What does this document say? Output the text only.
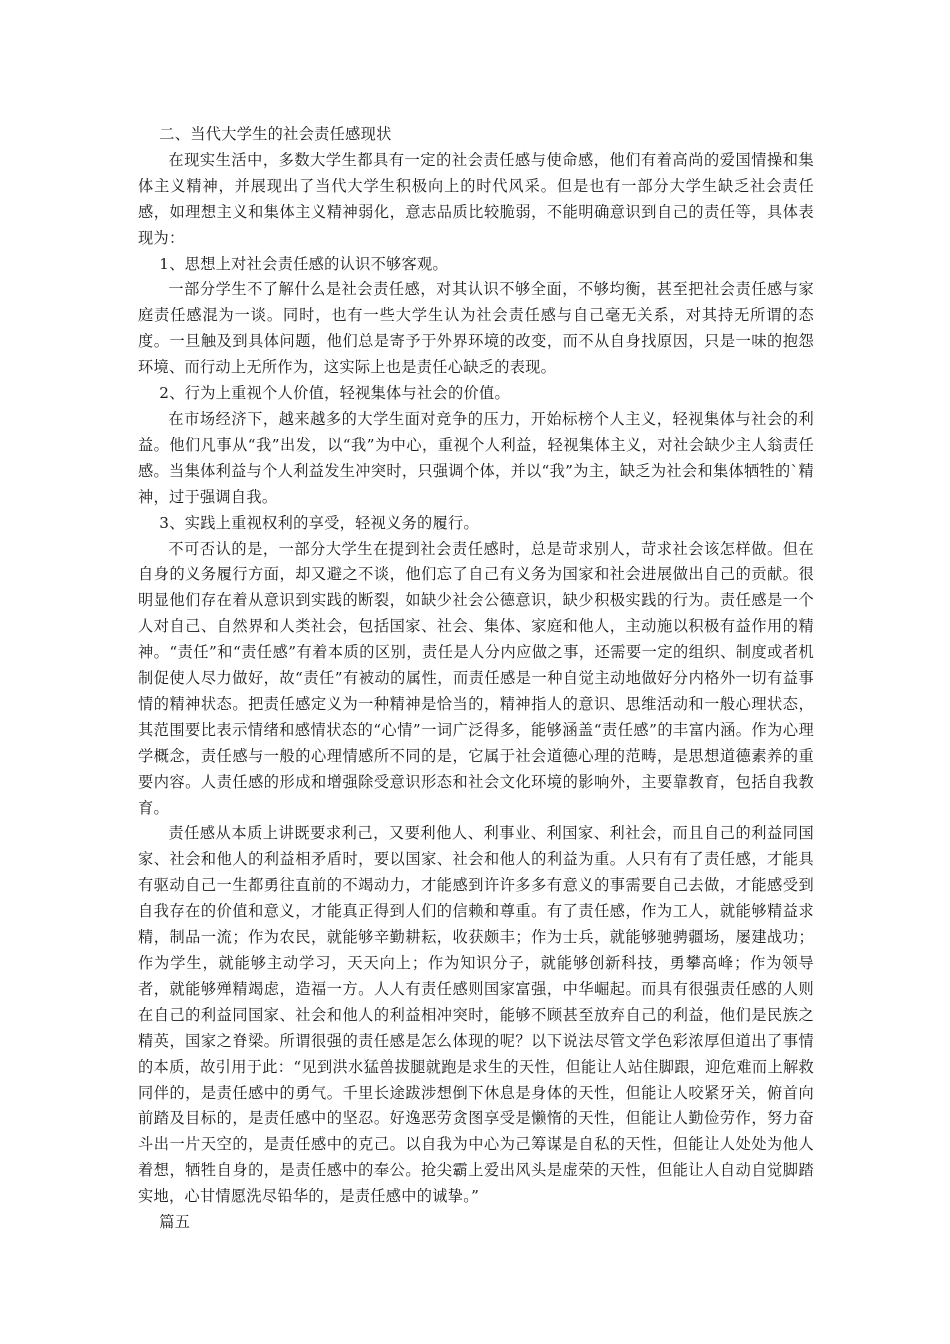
二、当代大学生的社会责任感现状

在现实生活中，多数大学生都具有一定的社会责任感与使命感，他们有着高尚的爱国情操和集体主义精神，并展现出了当代大学生积极向上的时代风采。但是也有一部分大学生缺乏社会责任感，如理想主义和集体主义精神弱化，意志品质比较脆弱，不能明确意识到自己的责任等，具体表现为：

1、思想上对社会责任感的认识不够客观。

一部分学生不了解什么是社会责任感，对其认识不够全面，不够均衡，甚至把社会责任感与家庭责任感混为一谈。同时，也有一些大学生认为社会责任感与自己毫无关系，对其持无所谓的态度。一旦触及到具体问题，他们总是寄予于外界环境的改变，而不从自身找原因，只是一味的抱怨环境、而行动上无所作为，这实际上也是责任心缺乏的表现。

2、行为上重视个人价值，轻视集体与社会的价值。

在市场经济下，越来越多的大学生面对竞争的压力，开始标榜个人主义，轻视集体与社会的利益。他们凡事从“我”出发，以“我”为中心，重视个人利益，轻视集体主义，对社会缺少主人翁责任感。当集体利益与个人利益发生冲突时，只强调个体，并以“我”为主，缺乏为社会和集体牺牲的`精神，过于强调自我。

3、实践上重视权利的享受，轻视义务的履行。

不可否认的是，一部分大学生在提到社会责任感时，总是苛求别人，苛求社会该怎样做。但在自身的义务履行方面，却又避之不谈，他们忘了自己有义务为国家和社会进展做出自己的贡献。很明显他们存在着从意识到实践的断裂，如缺少社会公德意识，缺少积极实践的行为。责任感是一个人对自己、自然界和人类社会，包括国家、社会、集体、家庭和他人，主动施以积极有益作用的精神。“责任”和“责任感”有着本质的区别，责任是人分内应做之事，还需要一定的组织、制度或者机制促使人尽力做好，故“责任”有被动的属性，而责任感是一种自觉主动地做好分内格外一切有益事情的精神状态。把责任感定义为一种精神是恰当的，精神指人的意识、思维活动和一般心理状态，其范围要比表示情绪和感情状态的“心情”一词广泛得多，能够涵盖“责任感”的丰富内涵。作为心理学概念，责任感与一般的心理情感所不同的是，它属于社会道德心理的范畴，是思想道德素养的重要内容。人责任感的形成和增强除受意识形态和社会文化环境的影响外，主要靠教育，包括自我教育。

责任感从本质上讲既要求利己，又要利他人、利事业、利国家、利社会，而且自己的利益同国家、社会和他人的利益相矛盾时，要以国家、社会和他人的利益为重。人只有有了责任感，才能具有驱动自己一生都勇往直前的不竭动力，才能感到许许多多有意义的事需要自己去做，才能感受到自我存在的价值和意义，才能真正得到人们的信赖和尊重。有了责任感，作为工人，就能够精益求精，制品一流；作为农民，就能够辛勤耕耘，收获颇丰；作为士兵，就能够驰骋疆场，屡建战功；作为学生，就能够主动学习，天天向上；作为知识分子，就能够创新科技，勇攀高峰；作为领导者，就能够殚精竭虑，造福一方。人人有责任感则国家富强，中华崛起。而具有很强责任感的人则在自己的利益同国家、社会和他人的利益相冲突时，能够不顾甚至放弃自己的利益，他们是民族之精英，国家之脊梁。所谓很强的责任感是怎么体现的呢？以下说法尽管文学色彩浓厚但道出了事情的本质，故引用于此：“见到洪水猛兽拔腿就跑是求生的天性，但能让人站住脚跟，迎危难而上解救同伴的，是责任感中的勇气。千里长途跋涉想倒下休息是身体的天性，但能让人咬紧牙关，俯首向前踏及目标的，是责任感中的坚忍。好逸恶劳贪图享受是懒惰的天性，但能让人勤俭劳作，努力奋斗出一片天空的，是责任感中的克己。以自我为中心为己筹谋是自私的天性，但能让人处处为他人着想，牺牲自身的，是责任感中的奉公。抢尖霸上爱出风头是虚荣的天性，但能让人自动自觉脚踏实地，心甘情愿洗尽铅华的，是责任感中的诚挚。”

篇五
